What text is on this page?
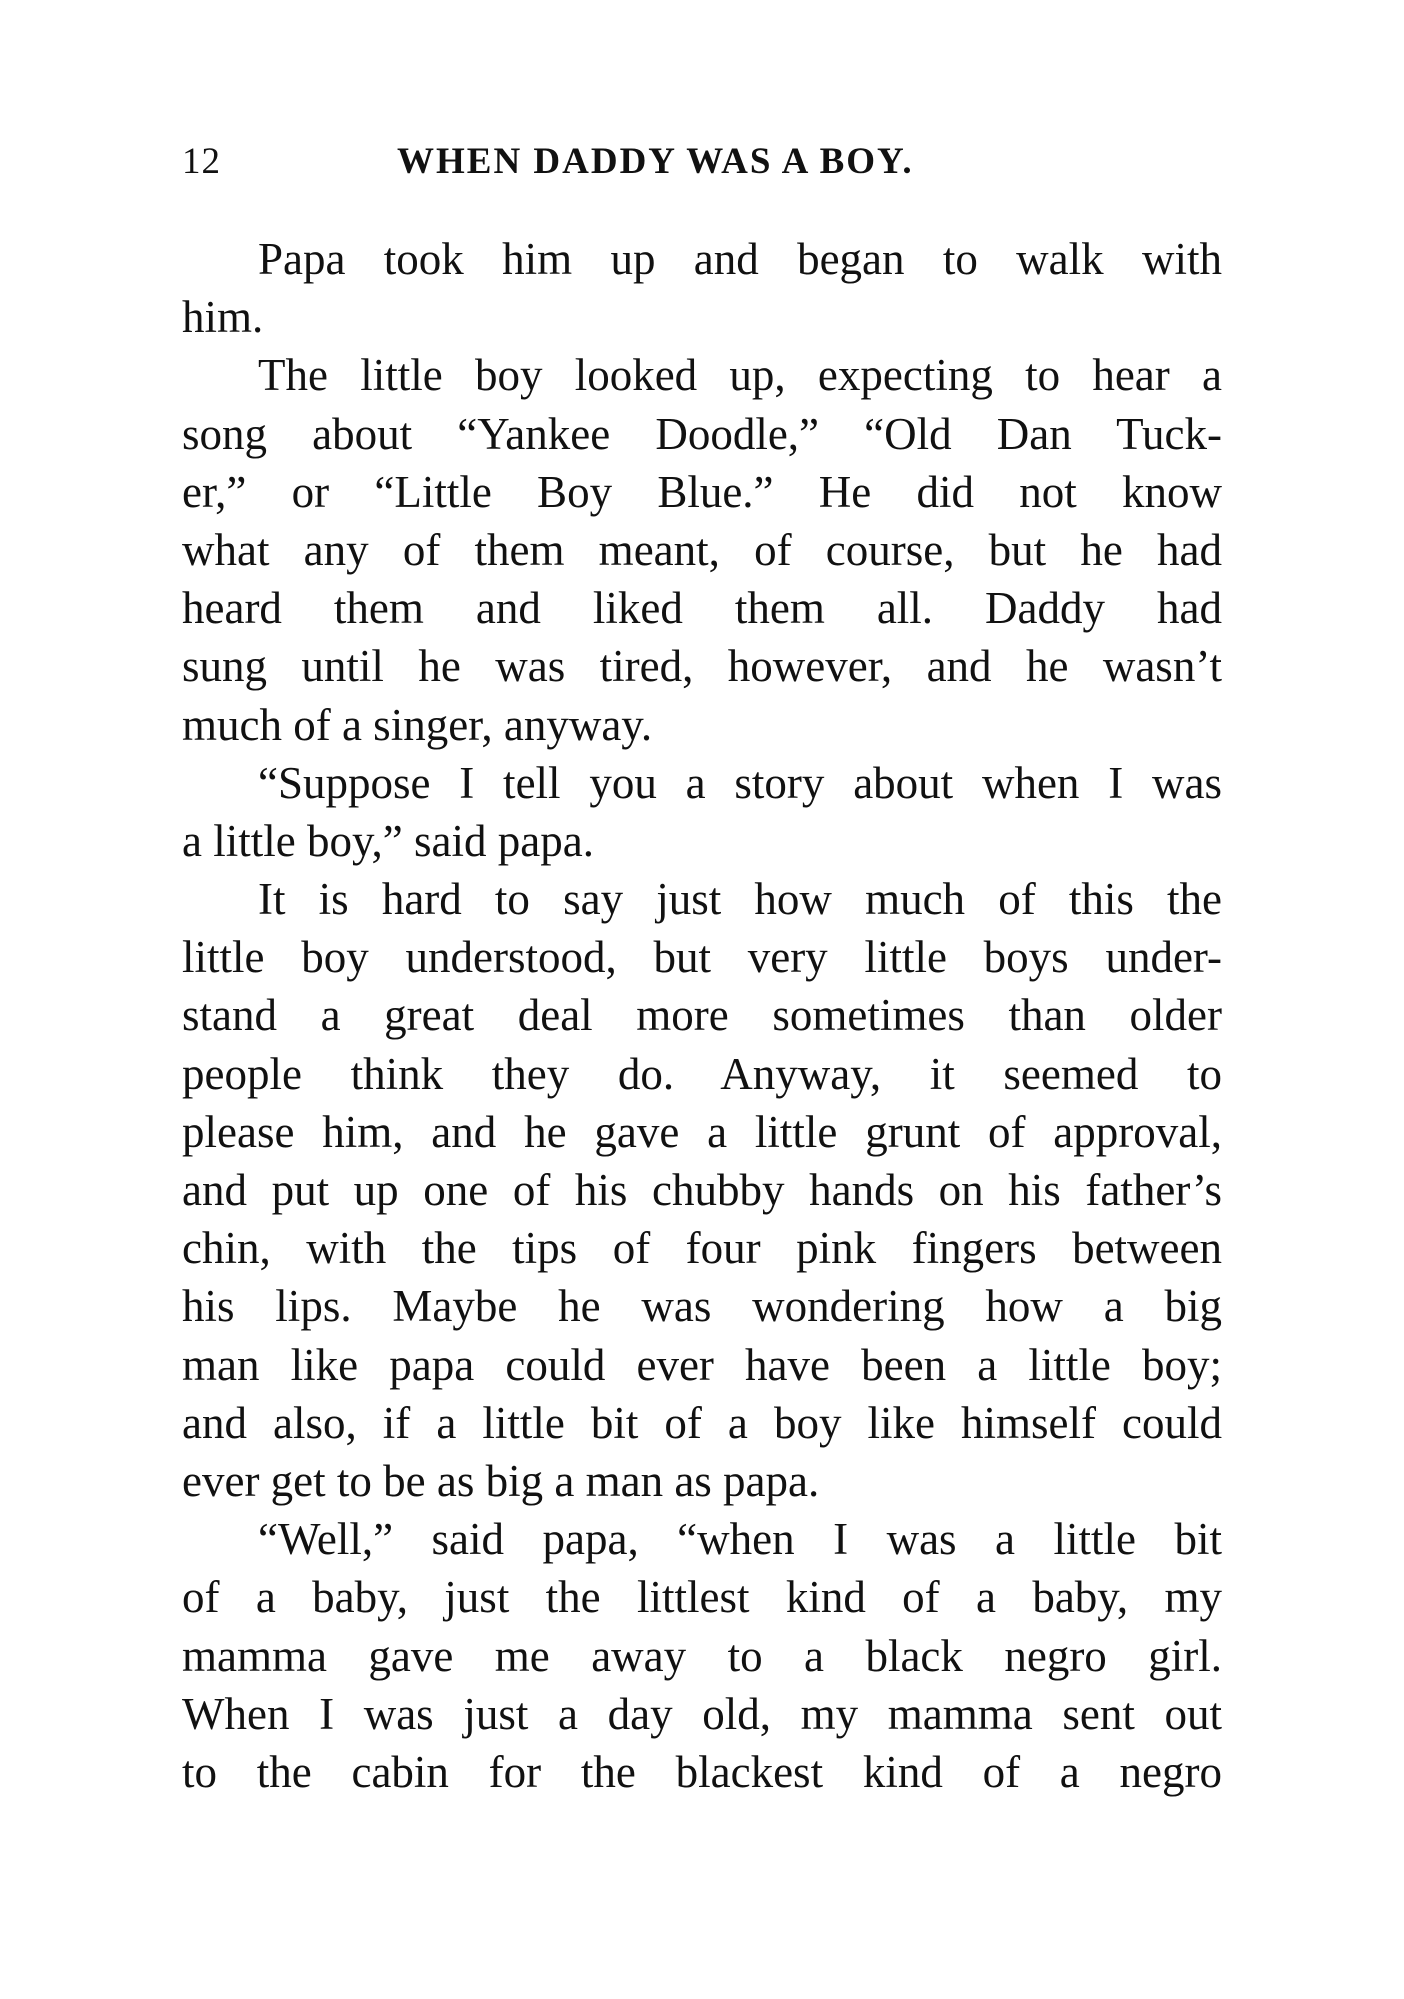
12	WHEN DADDY WAS A BOY.
Papa took him up and began to walk with
him.
The little boy looked up, expecting to hear a
song about “Yankee Doodle,” “Old Dan Tuck-
er,” or “Little Boy Blue.” He did not know
what any of them meant, of course, but he had
heard them and liked them all. Daddy had
sung until he was tired, however, and he wasn’t
much of a singer, anyway.
“Suppose I tell you a story about when I was
a little boy,” said papa.
It is hard to say just how much of this the
little boy understood, but very little boys under-
stand a great deal more sometimes than older
people think they do. Anyway, it seemed to
please him, and he gave a little grunt of approval,
and put up one of his chubby hands on his father’s
chin, with the tips of four pink fingers between
his lips. Maybe he was wondering how a big
man like papa could ever have been a little boy;
and also, if a little bit of a boy like himself could
ever get to be as big a man as papa.
“Well,” said papa, “when I was a little bit
of a baby, just the littlest kind of a baby, my
mamma gave me away to a black negro girl.
When I was just a day old, my mamma sent out
to the cabin for the blackest kind of a negro
